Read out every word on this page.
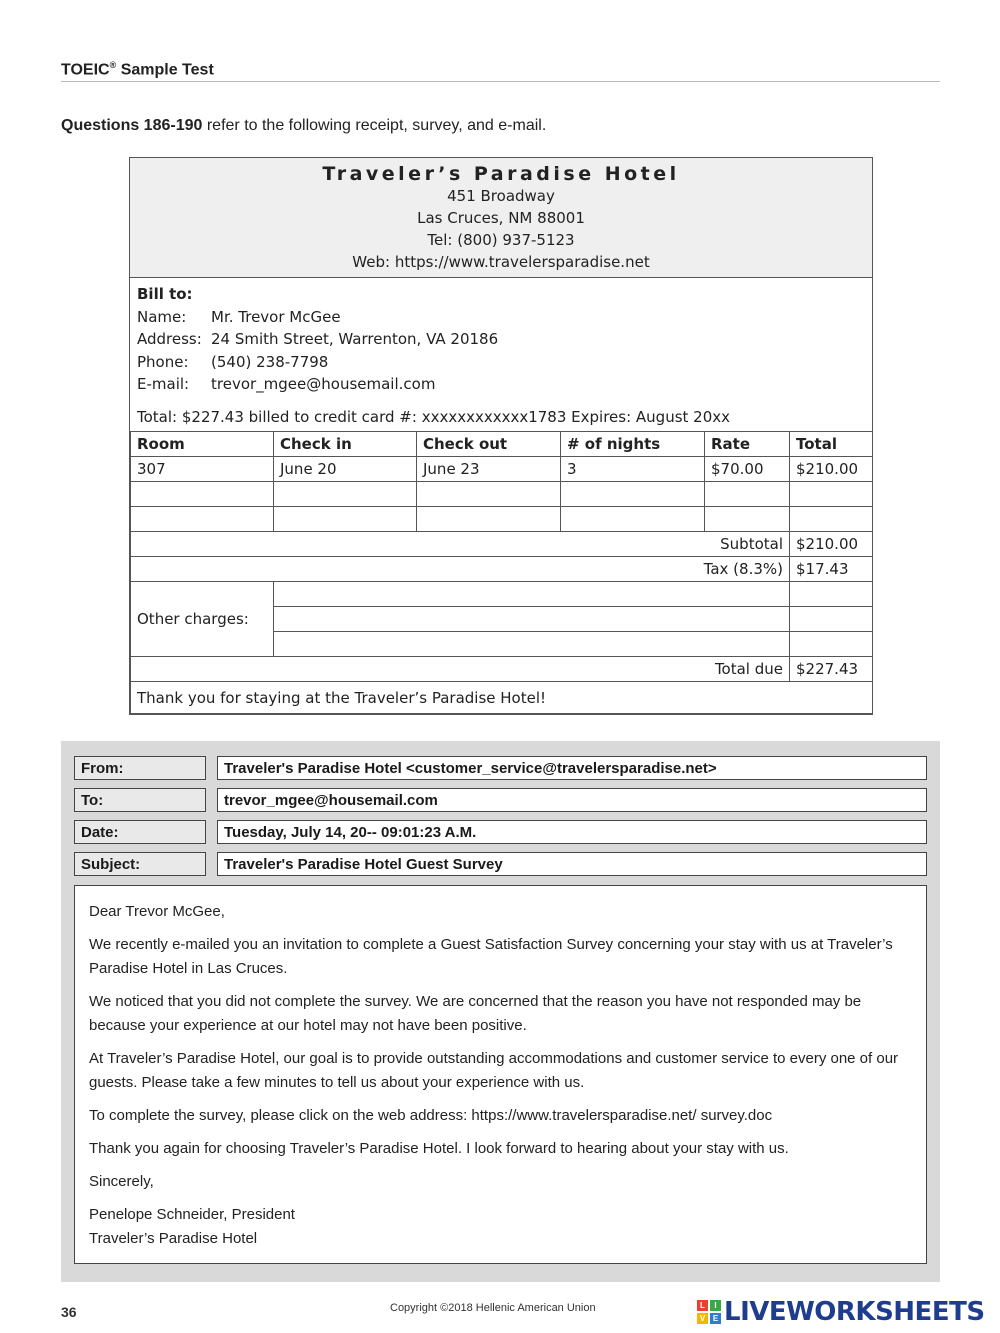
TOEIC® Sample Test
Questions 186-190 refer to the following receipt, survey, and e-mail.
Traveler’s Paradise Hotel
451 Broadway
Las Cruces, NM 88001
Tel: (800) 937-5123
Web: https://www.travelersparadise.net
Bill to:
Name: Mr. Trevor McGee
Address: 24 Smith Street, Warrenton, VA 20186
Phone: (540) 238-7798
E-mail: trevor_mgee@housemail.com
Total: $227.43 billed to credit card #: xxxxxxxxxxxx1783 Expires: August 20xx
Room	Check in	Check out	# of nights	Rate	Total
307	June 20	June 23	3	$70.00	$210.00

Subtotal					$210.00
Tax (8.3%)					$17.43
Other charges:					

Total due					$227.43
Thank you for staying at the Traveler’s Paradise Hotel!					
From:	Traveler's Paradise Hotel <customer_service@travelersparadise.net>
To:	trevor_mgee@housemail.com
Date:	Tuesday, July 14, 20-- 09:01:23 A.M.
Subject:	Traveler's Paradise Hotel Guest Survey

Dear Trevor McGee,

We recently e-mailed you an invitation to complete a Guest Satisfaction Survey concerning your stay with us at Traveler’s Paradise Hotel in Las Cruces.

We noticed that you did not complete the survey. We are concerned that the reason you have not responded may be because your experience at our hotel may not have been positive.

At Traveler’s Paradise Hotel, our goal is to provide outstanding accommodations and customer service to every one of our guests. Please take a few minutes to tell us about your experience with us.

To complete the survey, please click on the web address: https://www.travelersparadise.net/ survey.doc

Thank you again for choosing Traveler’s Paradise Hotel. I look forward to hearing about your stay with us.

Sincerely,

Penelope Schneider, President

Traveler’s Paradise Hotel

36	Copyright ©2018 Hellenic American Union	L	I
V E LIVEWORKSHEETS
